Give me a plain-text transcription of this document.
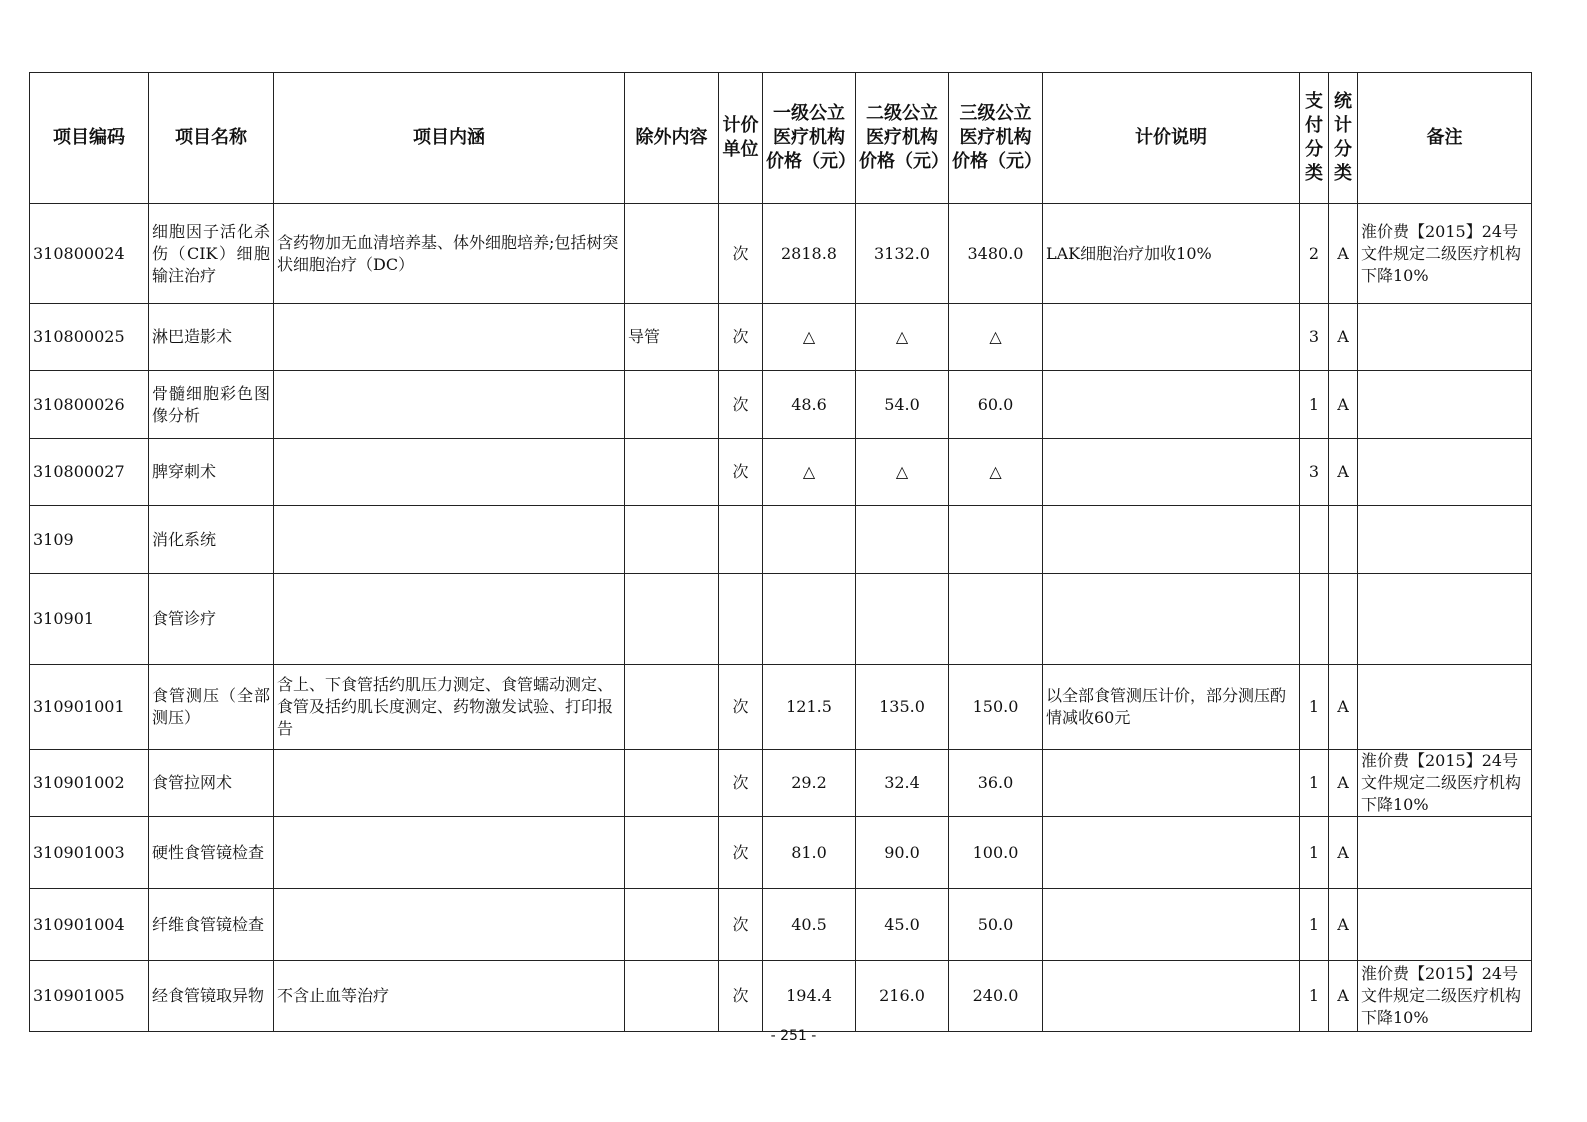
项目编码	项目名称	项目内涵	除外内容	计价单位	一级公立医疗机构价格（元）	二级公立医疗机构价格（元）	三级公立医疗机构价格（元）	计价说明	支付分类	统计分类	备注
310800024	细胞因子活化杀伤（CIK）细胞输注治疗	含药物加无血清培养基、体外细胞培养;包括树突状细胞治疗（DC）		次	2818.8	3132.0	3480.0	LAK细胞治疗加收10%	2	A	淮价费【2015】24号文件规定二级医疗机构下降10%
310800025	淋巴造影术		导管	次	△	△	△		3	A	
310800026	骨髓细胞彩色图像分析			次	48.6	54.0	60.0		1	A	
310800027	脾穿刺术			次	△	△	△		3	A	
3109	消化系统										
310901	食管诊疗										
310901001	食管测压（全部测压）	含上、下食管括约肌压力测定、食管蠕动测定、食管及括约肌长度测定、药物激发试验、打印报告		次	121.5	135.0	150.0	以全部食管测压计价，部分测压酌情减收60元	1	A	
310901002	食管拉网术			次	29.2	32.4	36.0		1	A	淮价费【2015】24号文件规定二级医疗机构下降10%
310901003	硬性食管镜检查			次	81.0	90.0	100.0		1	A	
310901004	纤维食管镜检查			次	40.5	45.0	50.0		1	A	
310901005	经食管镜取异物	不含止血等治疗		次	194.4	216.0	240.0		1	A	淮价费【2015】24号文件规定二级医疗机构下降10%
- 251 -
